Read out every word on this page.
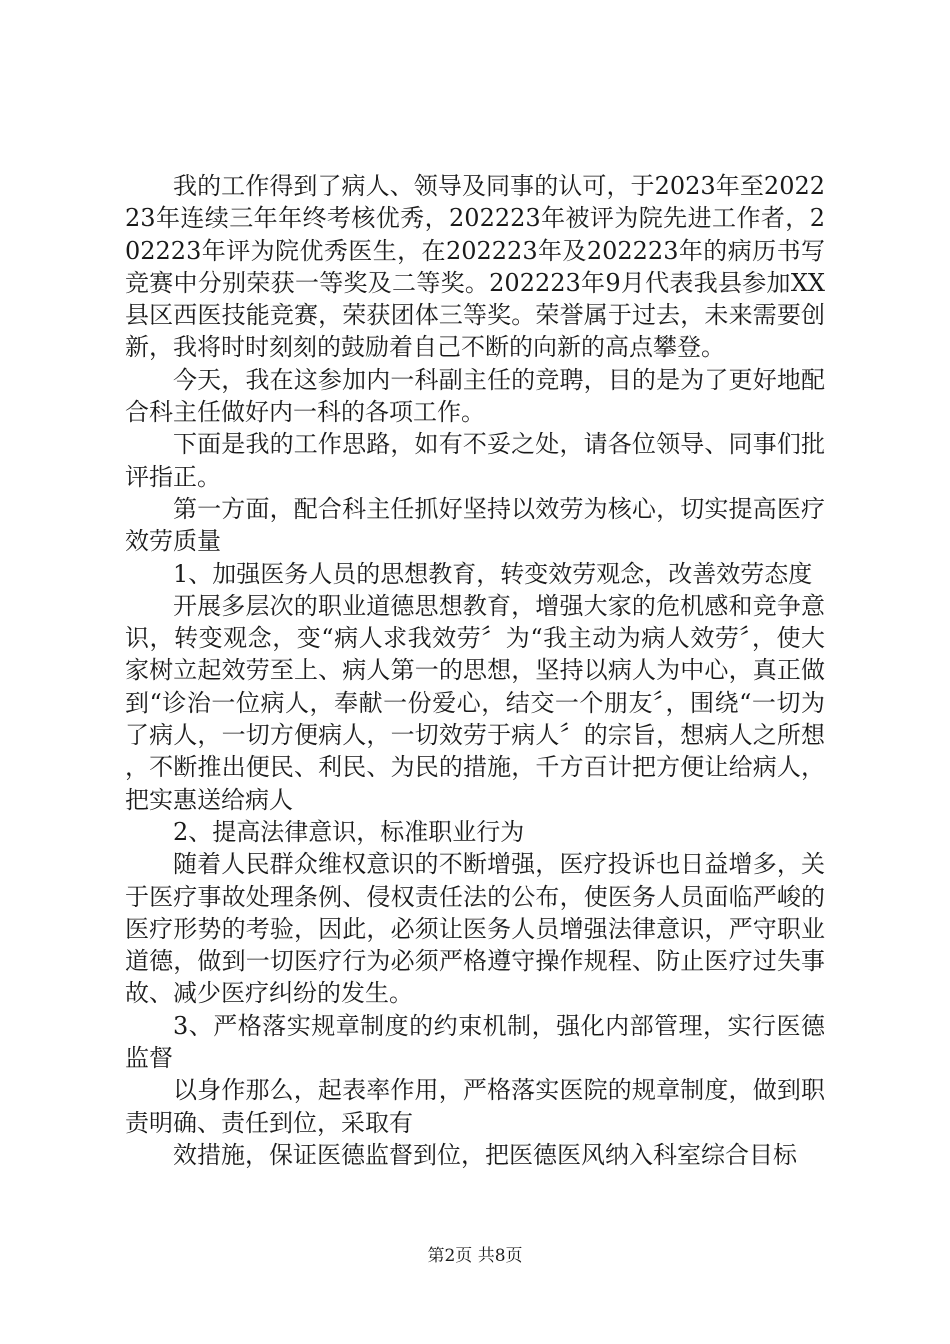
我的工作得到了病人、领导及同事的认可，于2023年至202223年连续三年年终考核优秀，202223年被评为院先进工作者，202223年评为院优秀医生，在202223年及202223年的病历书写竞赛中分别荣获一等奖及二等奖。202223年9月代表我县参加XX县区西医技能竞赛，荣获团体三等奖。荣誉属于过去，未来需要创新，我将时时刻刻的鼓励着自己不断的向新的高点攀登。

今天，我在这参加内一科副主任的竞聘，目的是为了更好地配合科主任做好内一科的各项工作。

下面是我的工作思路，如有不妥之处，请各位领导、同事们批评指正。

第一方面，配合科主任抓好坚持以效劳为核心，切实提高医疗效劳质量

1、加强医务人员的思想教育，转变效劳观念，改善效劳态度

开展多层次的职业道德思想教育，增强大家的危机感和竞争意识，转变观念，变“病人求我效劳〞为“我主动为病人效劳〞，使大家树立起效劳至上、病人第一的思想，坚持以病人为中心，真正做到“诊治一位病人，奉献一份爱心，结交一个朋友〞，围绕“一切为了病人，一切方便病人，一切效劳于病人〞的宗旨，想病人之所想，不断推出便民、利民、为民的措施，千方百计把方便让给病人，把实惠送给病人

2、提高法律意识，标准职业行为

随着人民群众维权意识的不断增强，医疗投诉也日益增多，关于医疗事故处理条例、侵权责任法的公布，使医务人员面临严峻的医疗形势的考验，因此，必须让医务人员增强法律意识，严守职业道德，做到一切医疗行为必须严格遵守操作规程、防止医疗过失事故、减少医疗纠纷的发生。

3、严格落实规章制度的约束机制，强化内部管理，实行医德监督

以身作那么，起表率作用，严格落实医院的规章制度，做到职责明确、责任到位，采取有

效措施，保证医德监督到位，把医德医风纳入科室综合目标

第2页 共8页
